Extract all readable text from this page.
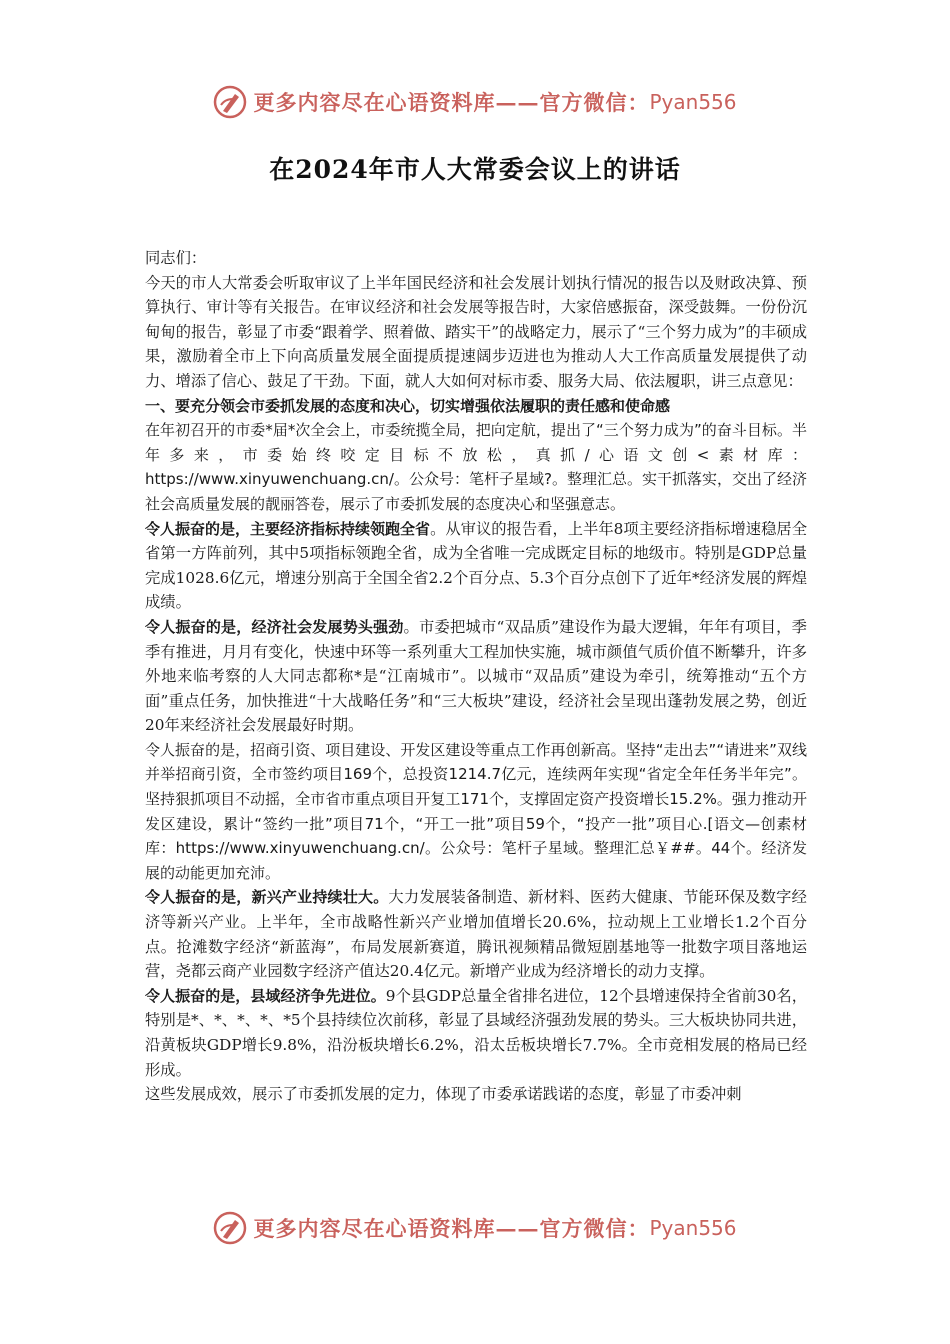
更多内容尽在心语资料库——官方微信： Pyan556
在2024年市人大常委会议上的讲话

同志们：

今天的市人大常委会听取审议了上半年国民经济和社会发展计划执行情况的报告以及财政决算、预算执行、审计等有关报告。在审议经济和社会发展等报告时，大家倍感振奋，深受鼓舞。一份份沉甸甸的报告，彰显了市委“跟着学、照着做、踏实干”的战略定力，展示了“三个努力成为”的丰硕成果，激励着全市上下向高质量发展全面提质提速阔步迈进也为推动人大工作高质量发展提供了动力、增添了信心、鼓足了干劲。下面，就人大如何对标市委、服务大局、依法履职，讲三点意见：

一、要充分领会市委抓发展的态度和决心，切实增强依法履职的责任感和使命感

在年初召开的市委*届*次全会上，市委统揽全局，把向定航，提出了“三个努力成为”的奋斗目标。半年多来，市委始终咬定目标不放松，真抓/心语文创<素材库：https://www.xinyuwenchuang.cn/。公众号：笔杆子星域?。整理汇总。实干抓落实，交出了经济社会高质量发展的靓丽答卷，展示了市委抓发展的态度决心和坚强意志。

令人振奋的是，主要经济指标持续领跑全省。从审议的报告看，上半年8项主要经济指标增速稳居全省第一方阵前列，其中5项指标领跑全省，成为全省唯一完成既定目标的地级市。特别是GDP总量完成1028.6亿元，增速分别高于全国全省2.2个百分点、5.3个百分点创下了近年*经济发展的辉煌成绩。

令人振奋的是，经济社会发展势头强劲。市委把城市“双品质”建设作为最大逻辑，年年有项目，季季有推进，月月有变化，快速中环等一系列重大工程加快实施，城市颜值气质价值不断攀升，许多外地来临考察的人大同志都称*是“江南城市”。以城市“双品质”建设为牵引，统筹推动“五个方面”重点任务，加快推进“十大战略任务”和“三大板块”建设，经济社会呈现出蓬勃发展之势，创近20年来经济社会发展最好时期。

令人振奋的是，招商引资、项目建设、开发区建设等重点工作再创新高。坚持“走出去”“请进来”双线并举招商引资，全市签约项目169个，总投资1214.7亿元，连续两年实现“省定全年任务半年完”。坚持狠抓项目不动摇，全市省市重点项目开复工171个，支撑固定资产投资增长15.2%。强力推动开发区建设，累计“签约一批”项目71个，“开工一批”项目59个，“投产一批”项目心.[语文—创素材库：https://www.xinyuwenchuang.cn/。公众号：笔杆子星域。整理汇总￥##。44个。经济发展的动能更加充沛。

令人振奋的是，新兴产业持续壮大。大力发展装备制造、新材料、医药大健康、节能环保及数字经济等新兴产业。上半年，全市战略性新兴产业增加值增长20.6%，拉动规上工业增长1.2个百分点。抢滩数字经济“新蓝海”，布局发展新赛道，腾讯视频精品微短剧基地等一批数字项目落地运营，尧都云商产业园数字经济产值达20.4亿元。新增产业成为经济增长的动力支撑。

令人振奋的是，县域经济争先进位。9个县GDP总量全省排名进位，12个县增速保持全省前30名，特别是*、*、*、*、*5个县持续位次前移，彰显了县域经济强劲发展的势头。三大板块协同共进，沿黄板块GDP增长9.8%，沿汾板块增长6.2%，沿太岳板块增长7.7%。全市竞相发展的格局已经形成。

这些发展成效，展示了市委抓发展的定力，体现了市委承诺践诺的态度，彰显了市委冲刺

更多内容尽在心语资料库——官方微信： Pyan556
